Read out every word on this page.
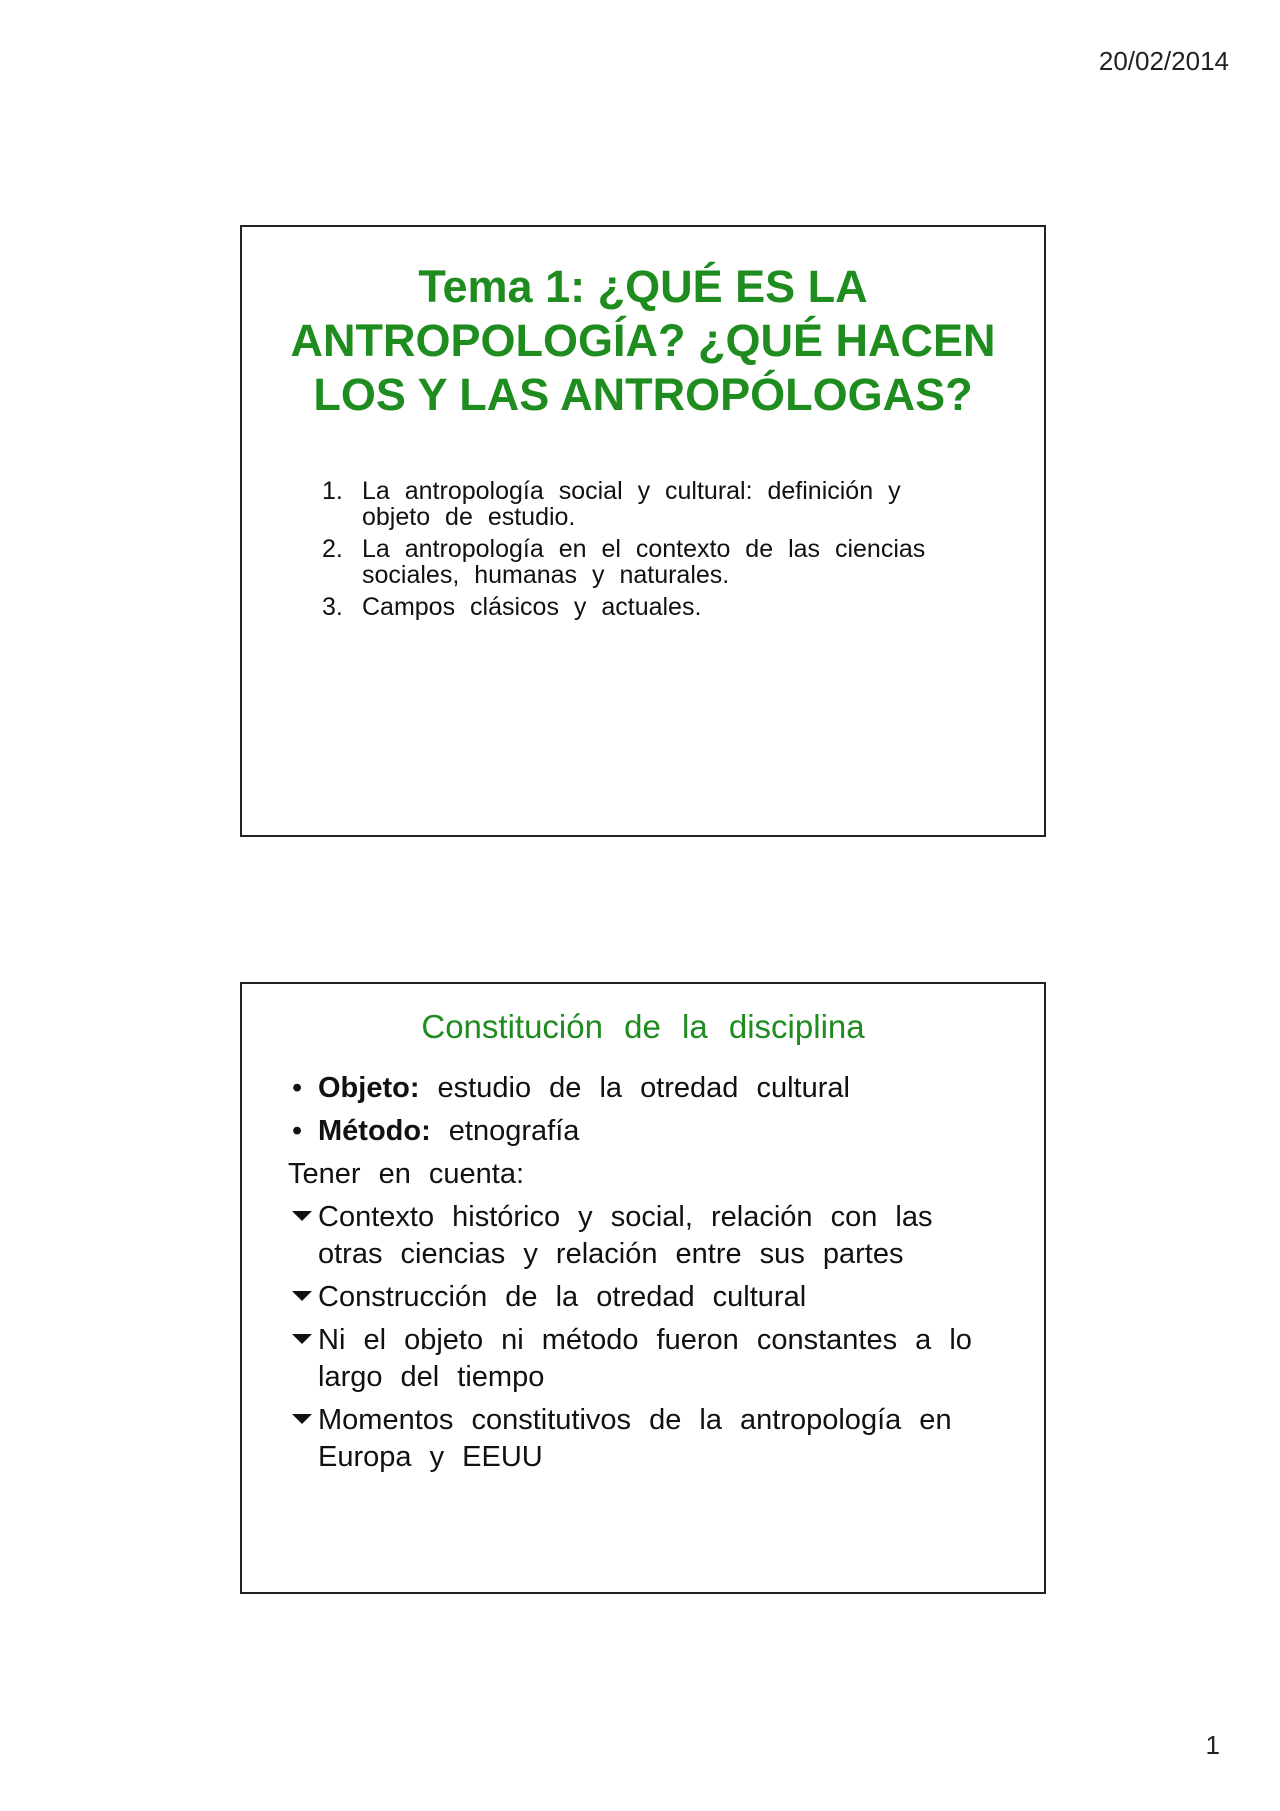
20/02/2014
Tema 1: ¿QUÉ ES LA ANTROPOLOGÍA? ¿QUÉ HACEN LOS Y LAS ANTROPÓLOGAS?
1. La antropología social y cultural: definición y objeto de estudio.
2. La antropología en el contexto de las ciencias sociales, humanas y naturales.
3. Campos clásicos y actuales.
Constitución de la disciplina
• Objeto: estudio de la otredad cultural
• Método: etnografía
Tener en cuenta:
Contexto histórico y social, relación con las otras ciencias y relación entre sus partes
Construcción de la otredad cultural
Ni el objeto ni método fueron constantes a lo largo del tiempo
Momentos constitutivos de la antropología en Europa y EEUU
1
